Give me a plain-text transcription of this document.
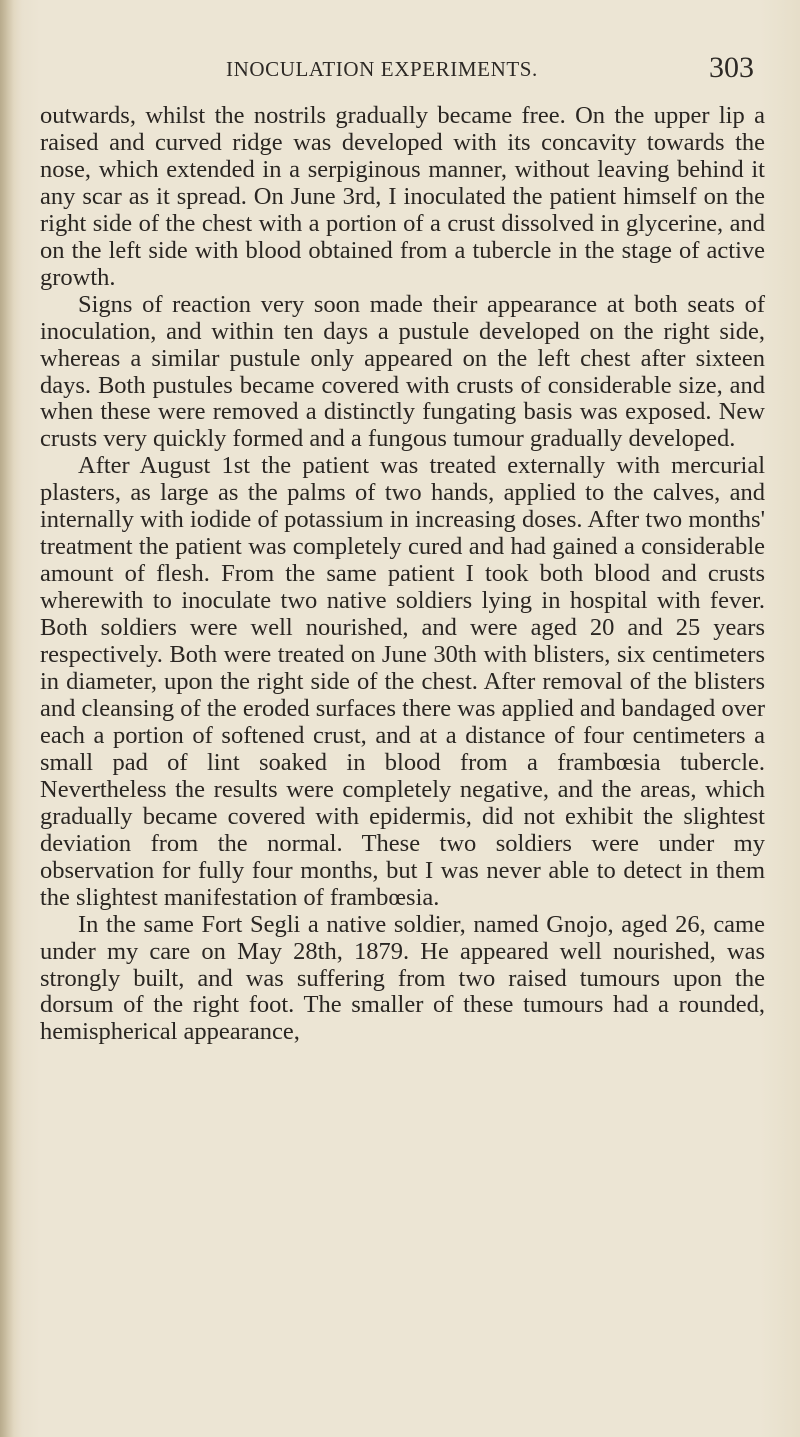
INOCULATION EXPERIMENTS.	303

outwards, whilst the nostrils gradually became free. On the upper lip a raised and curved ridge was developed with its concavity towards the nose, which extended in a serpiginous manner, without leaving behind it any scar as it spread. On June 3rd, I inoculated the patient himself on the right side of the chest with a portion of a crust dissolved in glycerine, and on the left side with blood obtained from a tubercle in the stage of active growth.

Signs of reaction very soon made their appearance at both seats of inoculation, and within ten days a pustule developed on the right side, whereas a similar pustule only appeared on the left chest after sixteen days. Both pustules became covered with crusts of considerable size, and when these were removed a distinctly fungating basis was exposed. New crusts very quickly formed and a fungous tumour gradually developed.

After August 1st the patient was treated externally with mercurial plasters, as large as the palms of two hands, applied to the calves, and internally with iodide of potassium in increasing doses. After two months' treatment the patient was completely cured and had gained a considerable amount of flesh. From the same patient I took both blood and crusts wherewith to inoculate two native soldiers lying in hospital with fever. Both soldiers were well nourished, and were aged 20 and 25 years respectively. Both were treated on June 30th with blisters, six centimeters in diameter, upon the right side of the chest. After removal of the blisters and cleansing of the eroded surfaces there was applied and bandaged over each a portion of softened crust, and at a distance of four centimeters a small pad of lint soaked in blood from a frambœsia tubercle. Nevertheless the results were completely negative, and the areas, which gradually became covered with epidermis, did not exhibit the slightest deviation from the normal. These two soldiers were under my observation for fully four months, but I was never able to detect in them the slightest manifestation of frambœsia.

In the same Fort Segli a native soldier, named Gnojo, aged 26, came under my care on May 28th, 1879. He appeared well nourished, was strongly built, and was suffering from two raised tumours upon the dorsum of the right foot. The smaller of these tumours had a rounded, hemispherical appearance,
